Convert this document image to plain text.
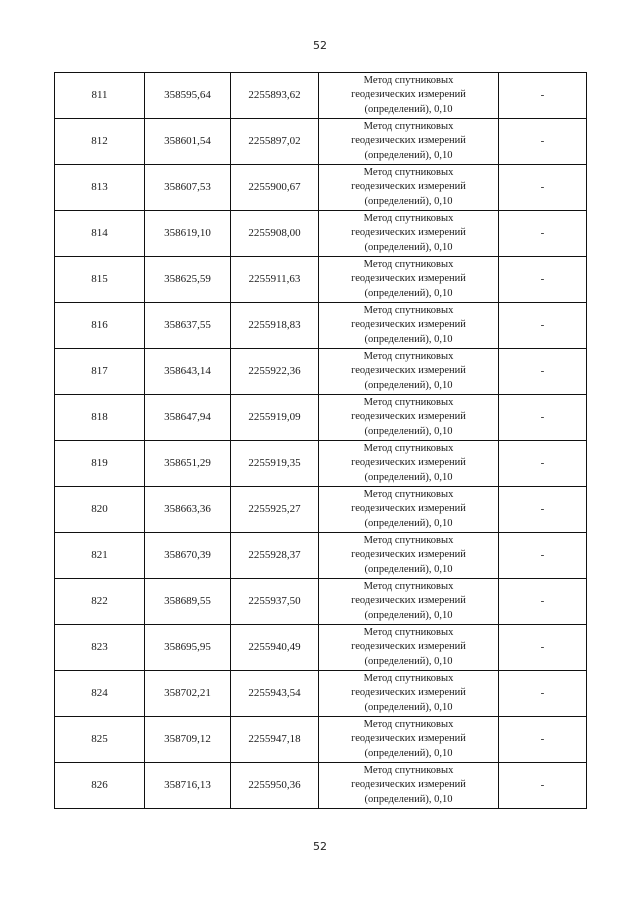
52
811	358595,64	2255893,62	Метод спутниковых
геодезических измерений
(определений), 0,10	-
812	358601,54	2255897,02	Метод спутниковых
геодезических измерений
(определений), 0,10	-
813	358607,53	2255900,67	Метод спутниковых
геодезических измерений
(определений), 0,10	-
814	358619,10	2255908,00	Метод спутниковых
геодезических измерений
(определений), 0,10	-
815	358625,59	2255911,63	Метод спутниковых
геодезических измерений
(определений), 0,10	-
816	358637,55	2255918,83	Метод спутниковых
геодезических измерений
(определений), 0,10	-
817	358643,14	2255922,36	Метод спутниковых
геодезических измерений
(определений), 0,10	-
818	358647,94	2255919,09	Метод спутниковых
геодезических измерений
(определений), 0,10	-
819	358651,29	2255919,35	Метод спутниковых
геодезических измерений
(определений), 0,10	-
820	358663,36	2255925,27	Метод спутниковых
геодезических измерений
(определений), 0,10	-
821	358670,39	2255928,37	Метод спутниковых
геодезических измерений
(определений), 0,10	-
822	358689,55	2255937,50	Метод спутниковых
геодезических измерений
(определений), 0,10	-
823	358695,95	2255940,49	Метод спутниковых
геодезических измерений
(определений), 0,10	-
824	358702,21	2255943,54	Метод спутниковых
геодезических измерений
(определений), 0,10	-
825	358709,12	2255947,18	Метод спутниковых
геодезических измерений
(определений), 0,10	-
826	358716,13	2255950,36	Метод спутниковых
геодезических измерений
(определений), 0,10	-
52
